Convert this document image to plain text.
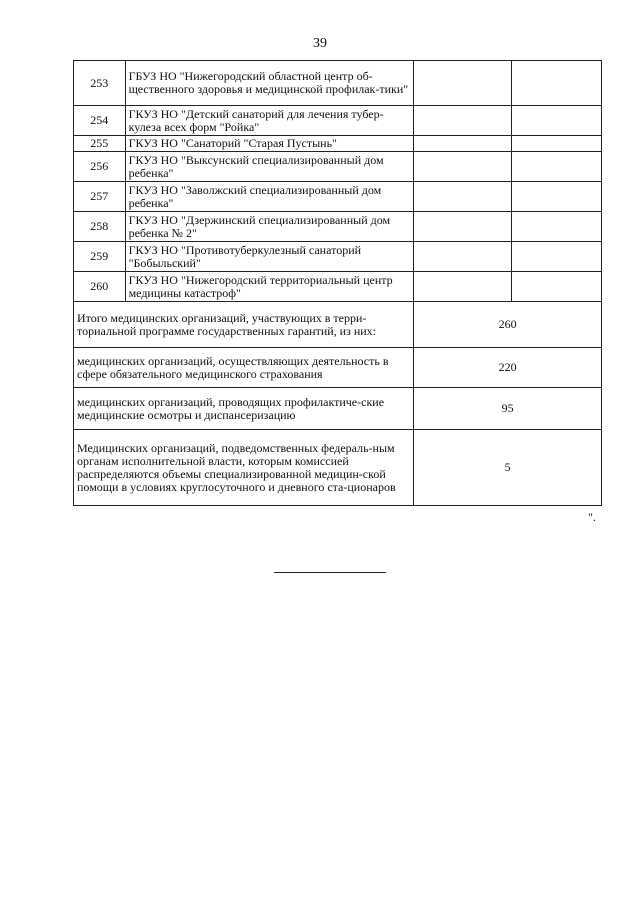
39
253	ГБУЗ НО "Нижегородский областной центр об-щественного здоровья и медицинской профилак-тики"		
254	ГКУЗ НО "Детский санаторий для лечения тубер-кулеза всех форм "Ройка"		
255	ГКУЗ НО "Санаторий "Старая Пустынь"		
256	ГКУЗ НО "Выксунский специализированный дом ребенка"		
257	ГКУЗ НО "Заволжский специализированный дом ребенка"		
258	ГКУЗ НО "Дзержинский специализированный дом ребенка № 2"		
259	ГКУЗ НО "Противотуберкулезный санаторий "Бобыльский"		
260	ГКУЗ НО "Нижегородский территориальный центр медицины катастроф"		
Итого медицинских организаций, участвующих в терри-ториальной программе государственных гарантий, из них:		260	
медицинских организаций, осуществляющих деятельность в сфере обязательного медицинского страхования		220	
медицинских организаций, проводящих профилактиче-ские медицинские осмотры и диспансеризацию		95	
Медицинских организаций, подведомственных федераль-ным органам исполнительной власти, которым комиссией распределяются объемы специализированной медицин-ской помощи в условиях круглосуточного и дневного ста-ционаров		5	
".
